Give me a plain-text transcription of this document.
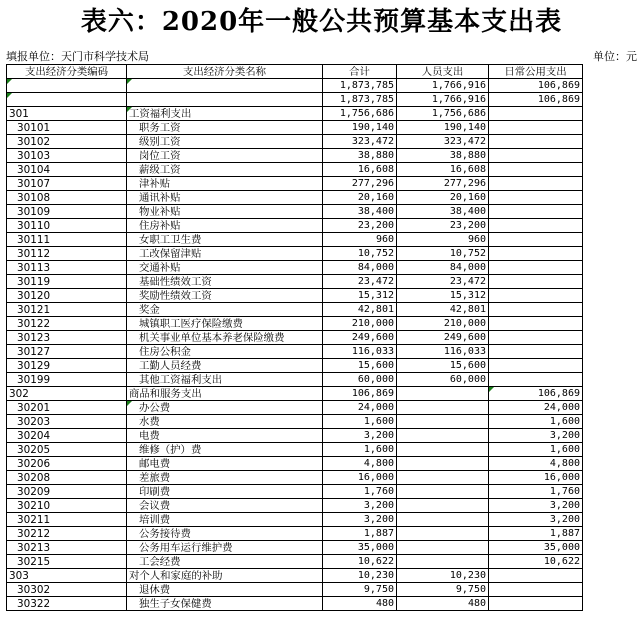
表六：2020年一般公共预算基本支出表
填报单位：天门市科学技术局	单位：元
支出经济分类编码	支出经济分类名称	合计	人员支出	日常公用支出
		1,873,785	1,766,916	106,869
		1,873,785	1,766,916	106,869
301	工资福利支出	1,756,686	1,756,686	
30101	职务工资	190,140	190,140	
30102	级别工资	323,472	323,472	
30103	岗位工资	38,880	38,880	
30104	薪级工资	16,608	16,608	
30107	津补贴	277,296	277,296	
30108	通讯补贴	20,160	20,160	
30109	物业补贴	38,400	38,400	
30110	住房补贴	23,200	23,200	
30111	女职工卫生费	960	960	
30112	工改保留津贴	10,752	10,752	
30113	交通补贴	84,000	84,000	
30119	基础性绩效工资	23,472	23,472	
30120	奖励性绩效工资	15,312	15,312	
30121	奖金	42,801	42,801	
30122	城镇职工医疗保险缴费	210,000	210,000	
30123	机关事业单位基本养老保险缴费	249,600	249,600	
30127	住房公积金	116,033	116,033	
30129	工勤人员经费	15,600	15,600	
30199	其他工资福利支出	60,000	60,000	
302	商品和服务支出	106,869		106,869
30201	办公费	24,000		24,000
30203	水费	1,600		1,600
30204	电费	3,200		3,200
30205	维修（护）费	1,600		1,600
30206	邮电费	4,800		4,800
30208	差旅费	16,000		16,000
30209	印刷费	1,760		1,760
30210	会议费	3,200		3,200
30211	培训费	3,200		3,200
30212	公务接待费	1,887		1,887
30213	公务用车运行维护费	35,000		35,000
30215	工会经费	10,622		10,622
303	对个人和家庭的补助	10,230	10,230	
30302	退休费	9,750	9,750	
30322	独生子女保健费	480	480	
